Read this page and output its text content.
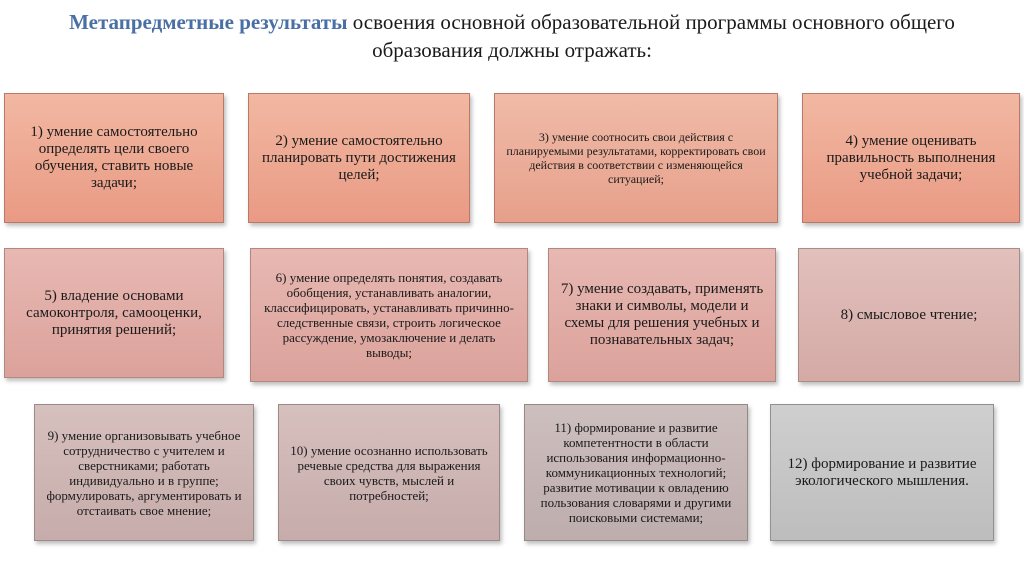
Метапредметные результаты освоения основной образовательной программы основного общего образования должны отражать:
1) умение самостоятельно определять цели своего обучения, ставить новые задачи;
2) умение самостоятельно планировать пути достижения целей;
3) умение соотносить свои действия с планируемыми результатами, корректировать свои действия в соответствии с изменяющейся ситуацией;
4) умение оценивать правильность выполнения учебной задачи;
5) владение основами самоконтроля, самооценки, принятия решений;
6) умение определять понятия, создавать обобщения, устанавливать аналогии, классифицировать, устанавливать причинно-следственные связи, строить логическое рассуждение, умозаключение и делать выводы;
7) умение создавать, применять знаки и символы, модели и схемы для решения учебных и познавательных задач;
8) смысловое чтение;
9) умение организовывать учебное сотрудничество с учителем и сверстниками; работать индивидуально и в группе; формулировать, аргументировать и отстаивать свое мнение;
10) умение осознанно использовать речевые средства для выражения своих чувств, мыслей и потребностей;
11) формирование и развитие компетентности в области использования информационно-коммуникационных технологий; развитие мотивации к овладению пользования словарями и другими поисковыми системами;
12) формирование и развитие экологического мышления.
